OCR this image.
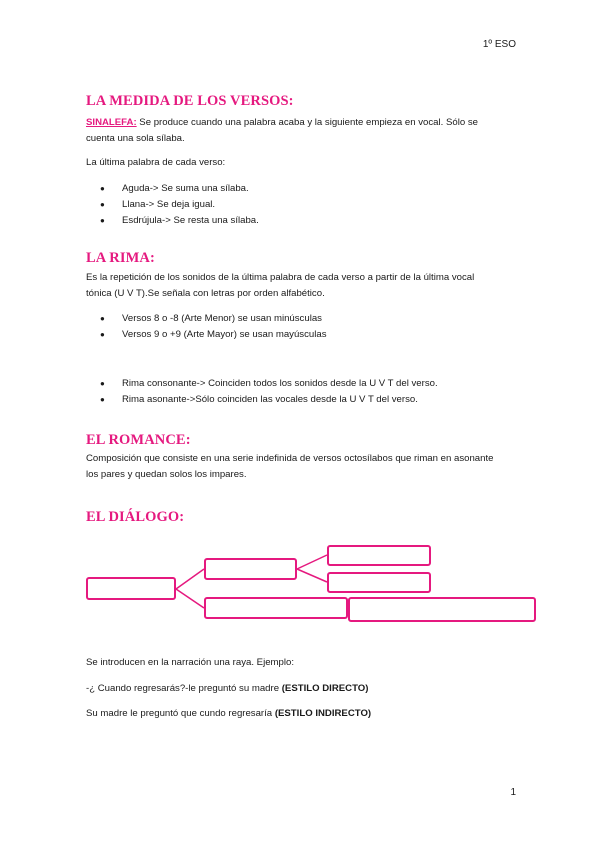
1º ESO
LA MEDIDA DE LOS VERSOS:
SINALEFA: Se produce cuando una palabra acaba y la siguiente empieza en vocal. Sólo se
cuenta una sola sílaba.
La última palabra de cada verso:
● Aguda-> Se suma una sílaba.
● Llana-> Se deja igual.
● Esdrújula-> Se resta una sílaba.
LA RIMA:
Es la repetición de los sonidos de la última palabra de cada verso a partir de la última vocal
tónica (U V T).Se señala con letras por orden alfabético.
● Versos 8 o -8 (Arte Menor) se usan minúsculas
● Versos 9 o +9 (Arte Mayor) se usan mayúsculas
● Rima consonante-> Coinciden todos los sonidos desde la U V T del verso.
● Rima asonante->Sólo coinciden las vocales desde la U V T del verso.
EL ROMANCE:
Composición que consiste en una serie indefinida de versos octosílabos que riman en asonante
los pares y quedan solos los impares.
EL DIÁLOGO:
Se introducen en la narración una raya. Ejemplo:
-¿ Cuando regresarás?-le preguntó su madre (ESTILO DIRECTO)
Su madre le preguntó que cundo regresaría (ESTILO INDIRECTO)
1
